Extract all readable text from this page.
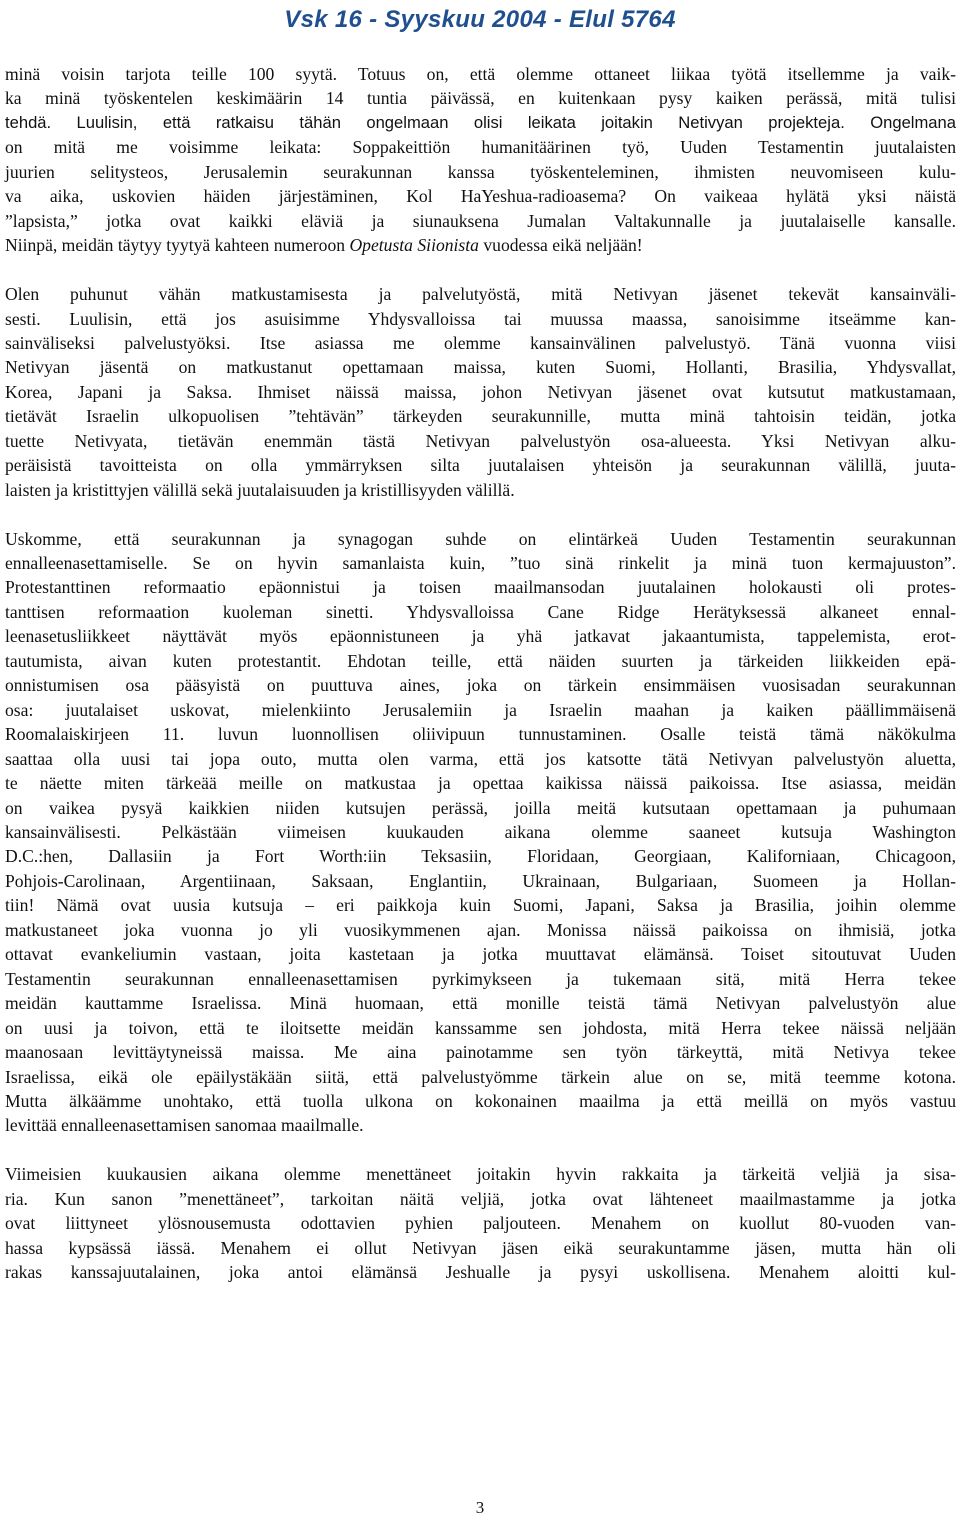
Vsk 16 - Syyskuu 2004 - Elul 5764

minä voisin tarjota teille 100 syytä. Totuus on, että olemme ottaneet liikaa työtä itsellemme ja vaik-
ka minä työskentelen keskimäärin 14 tuntia päivässä, en kuitenkaan pysy kaiken perässä, mitä tulisi
tehdä. Luulisin, että ratkaisu tähän ongelmaan olisi leikata joitakin Netivyan projekteja. Ongelmana
on mitä me voisimme leikata: Soppakeittiön humanitäärinen työ, Uuden Testamentin juutalaisten
juurien selitysteos, Jerusalemin seurakunnan kanssa työskenteleminen, ihmisten neuvomiseen kulu-
va aika, uskovien häiden järjestäminen, Kol HaYeshua-radioasema? On vaikeaa hylätä yksi näistä
”lapsista,” jotka ovat kaikki eläviä ja siunauksena Jumalan Valtakunnalle ja juutalaiselle kansalle.
Niinpä, meidän täytyy tyytyä kahteen numeroon Opetusta Siionista vuodessa eikä neljään!

Olen puhunut vähän matkustamisesta ja palvelutyöstä, mitä Netivyan jäsenet tekevät kansainväli-
sesti. Luulisin, että jos asuisimme Yhdysvalloissa tai muussa maassa, sanoisimme itseämme kan-
sainväliseksi palvelustyöksi. Itse asiassa me olemme kansainvälinen palvelustyö. Tänä vuonna viisi
Netivyan jäsentä on matkustanut opettamaan maissa, kuten Suomi, Hollanti, Brasilia, Yhdysvallat,
Korea, Japani ja Saksa. Ihmiset näissä maissa, johon Netivyan jäsenet ovat kutsutut matkustamaan,
tietävät Israelin ulkopuolisen ”tehtävän” tärkeyden seurakunnille, mutta minä tahtoisin teidän, jotka
tuette Netivyata, tietävän enemmän tästä Netivyan palvelustyön osa-alueesta. Yksi Netivyan alku-
peräisistä tavoitteista on olla ymmärryksen silta juutalaisen yhteisön ja seurakunnan välillä, juuta-
laisten ja kristittyjen välillä sekä juutalaisuuden ja kristillisyyden välillä.

Uskomme, että seurakunnan ja synagogan suhde on elintärkeä Uuden Testamentin seurakunnan
ennalleenasettamiselle. Se on hyvin samanlaista kuin, ”tuo sinä rinkelit ja minä tuon kermajuuston”.
Protestanttinen reformaatio epäonnistui ja toisen maailmansodan juutalainen holokausti oli protes-
tanttisen reformaation kuoleman sinetti. Yhdysvalloissa Cane Ridge Herätyksessä alkaneet ennal-
leenasetusliikkeet näyttävät myös epäonnistuneen ja yhä jatkavat jakaantumista, tappelemista, erot-
tautumista, aivan kuten protestantit. Ehdotan teille, että näiden suurten ja tärkeiden liikkeiden epä-
onnistumisen osa pääsyistä on puuttuva aines, joka on tärkein ensimmäisen vuosisadan seurakunnan
osa: juutalaiset uskovat, mielenkiinto Jerusalemiin ja Israelin maahan ja kaiken päällimmäisenä
Roomalaiskirjeen 11. luvun luonnollisen oliivipuun tunnustaminen. Osalle teistä tämä näkökulma
saattaa olla uusi tai jopa outo, mutta olen varma, että jos katsotte tätä Netivyan palvelustyön aluetta,
te näette miten tärkeää meille on matkustaa ja opettaa kaikissa näissä paikoissa. Itse asiassa, meidän
on vaikea pysyä kaikkien niiden kutsujen perässä, joilla meitä kutsutaan opettamaan ja puhumaan
kansainvälisesti. Pelkästään viimeisen kuukauden aikana olemme saaneet kutsuja Washington
D.C.:hen, Dallasiin ja Fort Worth:iin Teksasiin, Floridaan, Georgiaan, Kaliforniaan, Chicagoon,
Pohjois-Carolinaan, Argentiinaan, Saksaan, Englantiin, Ukrainaan, Bulgariaan, Suomeen ja Hollan-
tiin! Nämä ovat uusia kutsuja – eri paikkoja kuin Suomi, Japani, Saksa ja Brasilia, joihin olemme
matkustaneet joka vuonna jo yli vuosikymmenen ajan. Monissa näissä paikoissa on ihmisiä, jotka
ottavat evankeliumin vastaan, joita kastetaan ja jotka muuttavat elämänsä. Toiset sitoutuvat Uuden
Testamentin seurakunnan ennalleenasettamisen pyrkimykseen ja tukemaan sitä, mitä Herra tekee
meidän kauttamme Israelissa. Minä huomaan, että monille teistä tämä Netivyan palvelustyön alue
on uusi ja toivon, että te iloitsette meidän kanssamme sen johdosta, mitä Herra tekee näissä neljään
maanosaan levittäytyneissä maissa. Me aina painotamme sen työn tärkeyttä, mitä Netivya tekee
Israelissa, eikä ole epäilystäkään siitä, että palvelustyömme tärkein alue on se, mitä teemme kotona.
Mutta älkäämme unohtako, että tuolla ulkona on kokonainen maailma ja että meillä on myös vastuu
levittää ennalleenasettamisen sanomaa maailmalle.

Viimeisien kuukausien aikana olemme menettäneet joitakin hyvin rakkaita ja tärkeitä veljiä ja sisa-
ria. Kun sanon ”menettäneet”, tarkoitan näitä veljiä, jotka ovat lähteneet maailmastamme ja jotka
ovat liittyneet ylösnousemusta odottavien pyhien paljouteen. Menahem on kuollut 80-vuoden van-
hassa kypsässä iässä. Menahem ei ollut Netivyan jäsen eikä seurakuntamme jäsen, mutta hän oli
rakas kanssajuutalainen, joka antoi elämänsä Jeshualle ja pysyi uskollisena. Menahem aloitti kul-

3
